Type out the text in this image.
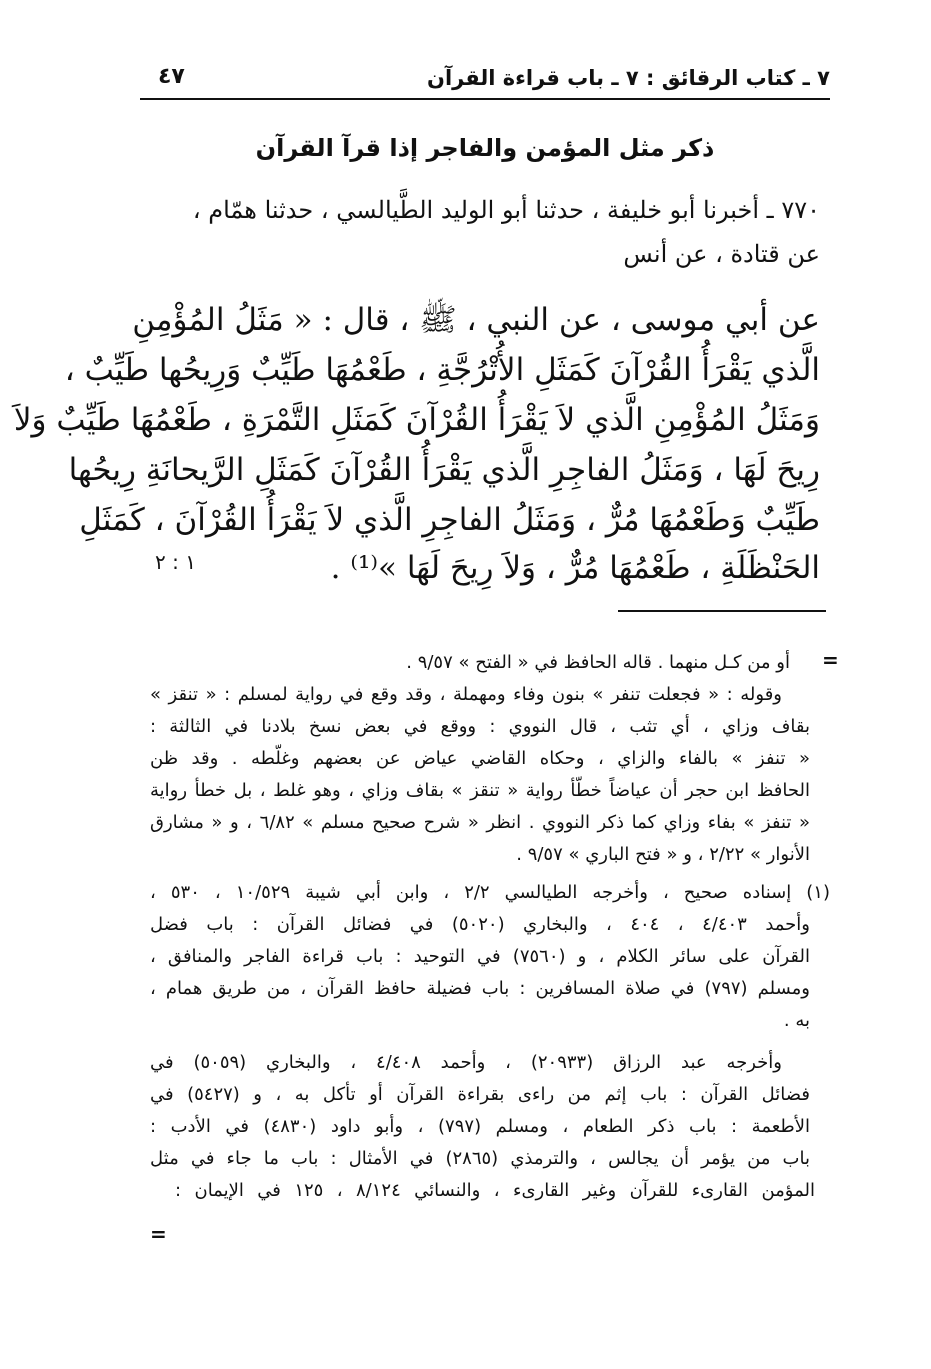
٧ ـ كتاب الرقائق : ٧ ـ باب قراءة القرآن
٤٧
ذكر مثل المؤمن والفاجر إذا قرآ القرآن
٧٧٠ ـ أخبرنا أبو خليفة ، حدثنا أبو الوليد الطَّيالسي ، حدثنا همّام ،
عن قتادة ، عن أنس
عن أبي موسى ، عن النبي ، ﷺ ، قال : « مَثَلُ المُؤْمِنِ
الَّذي يَقْرَأُ القُرْآنَ كَمَثَلِ الأُتْرُجَّةِ ، طَعْمُهَا طَيِّبٌ وَرِيحُها طَيِّبٌ ،
وَمَثَلُ المُؤْمِنِ الَّذي لاَ يَقْرَأُ القُرْآنَ كَمَثَلِ التَّمْرَةِ ، طَعْمُهَا طَيِّبٌ وَلاَ
رِيحَ لَهَا ، وَمَثَلُ الفاجِرِ الَّذي يَقْرَأُ القُرْآنَ كَمَثَلِ الرَّيحانَةِ رِيحُها
طَيِّبٌ وَطَعْمُهَا مُرٌّ ، وَمَثَلُ الفاجِرِ الَّذي لاَ يَقْرَأُ القُرْآنَ ، كَمَثَلِ
الحَنْظَلَةِ ، طَعْمُهَا مُرٌّ ، وَلاَ رِيحَ لَهَا »⁽¹⁾ .
١ : ٢
=
=
أو من كـل منهما . قاله الحافظ في « الفتح » ٩/٥٧ .
وقوله : « فجعلت تنفر » بنون وفاء ومهملة ، وقد وقع في رواية لمسلم : « تنقز »
بقاف وزاي ، أي تثب ، قال النووي : ووقع في بعض نسخ بلادنا في الثالثة :
« تنفز » بالفاء والزاي ، وحكاه القاضي عياض عن بعضهم وغلّطه . وقد ظن
الحافظ ابن حجر أن عياضاً خطّأ رواية « تنقز » بقاف وزاي ، وهو غلط ، بل خطأ رواية
« تنفز » بفاء وزاي كما ذكر النووي . انظر « شرح صحيح مسلم » ٦/٨٢ ، و « مشارق
الأنوار » ٢/٢٢ ، و « فتح الباري » ٩/٥٧ .
(١) إسناده صحيح ، وأخرجه الطيالسي ٢/٢ ، وابن أبي شيبة ١٠/٥٢٩ ، ٥٣٠ ،
وأحمد ٤/٤٠٣ ، ٤٠٤ ، والبخاري (٥٠٢٠) في فضائل القرآن : باب فضل
القرآن على سائر الكلام ، و (٧٥٦٠) في التوحيد : باب قراءة الفاجر والمنافق ،
ومسلم (٧٩٧) في صلاة المسافرين : باب فضيلة حافظ القرآن ، من طريق همام ،
به .
وأخرجه عبد الرزاق (٢٠٩٣٣) ، وأحمد ٤/٤٠٨ ، والبخاري (٥٠٥٩) في
فضائل القرآن : باب إثم من راءى بقراءة القرآن أو تأكل به ، و (٥٤٢٧) في
الأطعمة : باب ذكر الطعام ، ومسلم (٧٩٧) ، وأبو داود (٤٨٣٠) في الأدب :
باب من يؤمر أن يجالس ، والترمذي (٢٨٦٥) في الأمثال : باب ما جاء في مثل
المؤمن القارىء للقرآن وغير القارىء ، والنسائي ٨/١٢٤ ، ١٢٥ في الإيمان :
